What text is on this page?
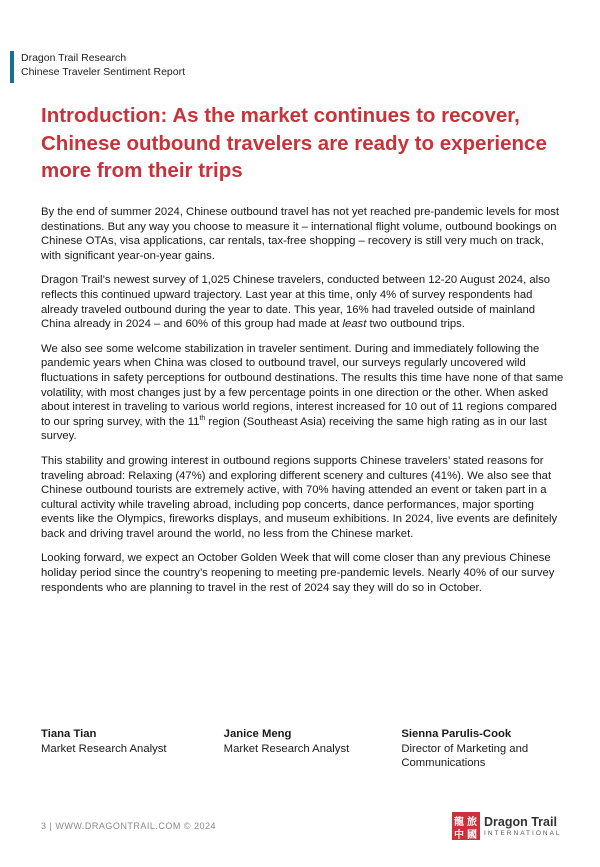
Dragon Trail Research
Chinese Traveler Sentiment Report
Introduction: As the market continues to recover, Chinese outbound travelers are ready to experience more from their trips

By the end of summer 2024, Chinese outbound travel has not yet reached pre-pandemic levels for most destinations. But any way you choose to measure it – international flight volume, outbound bookings on Chinese OTAs, visa applications, car rentals, tax-free shopping – recovery is still very much on track, with significant year-on-year gains.

Dragon Trail’s newest survey of 1,025 Chinese travelers, conducted between 12-20 August 2024, also reflects this continued upward trajectory. Last year at this time, only 4% of survey respondents had already traveled outbound during the year to date. This year, 16% had traveled outside of mainland China already in 2024 – and 60% of this group had made at least two outbound trips.

We also see some welcome stabilization in traveler sentiment. During and immediately following the pandemic years when China was closed to outbound travel, our surveys regularly uncovered wild fluctuations in safety perceptions for outbound destinations. The results this time have none of that same volatility, with most changes just by a few percentage points in one direction or the other. When asked about interest in traveling to various world regions, interest increased for 10 out of 11 regions compared to our spring survey, with the 11th region (Southeast Asia) receiving the same high rating as in our last survey.

This stability and growing interest in outbound regions supports Chinese travelers’ stated reasons for traveling abroad: Relaxing (47%) and exploring different scenery and cultures (41%). We also see that Chinese outbound tourists are extremely active, with 70% having attended an event or taken part in a cultural activity while traveling abroad, including pop concerts, dance performances, major sporting events like the Olympics, fireworks displays, and museum exhibitions. In 2024, live events are definitely back and driving travel around the world, no less from the Chinese market.

Looking forward, we expect an October Golden Week that will come closer than any previous Chinese holiday period since the country’s reopening to meeting pre-pandemic levels. Nearly 40% of our survey respondents who are planning to travel in the rest of 2024 say they will do so in October.

Tiana Tian
Market Research Analyst
Janice Meng
Market Research Analyst
Sienna Parulis-Cook
Director of Marketing and Communications
3 | WWW.DRAGONTRAIL.COM © 2024	龍 旅
中 國
Dragon Trail
INTERNATIONAL
